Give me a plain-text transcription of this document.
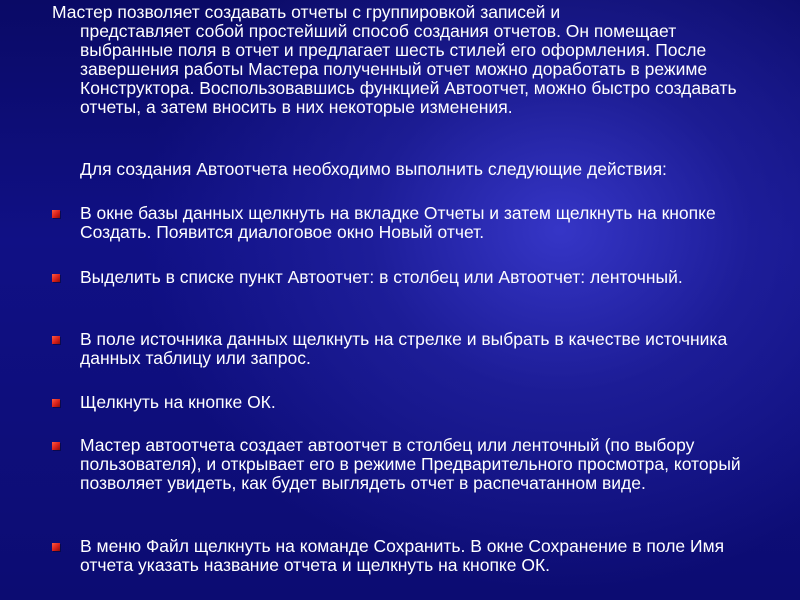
Мастер позволяет создавать отчеты с группировкой записей и
представляет собой простейший способ создания отчетов. Он помещает выбранные поля в отчет и предлагает шесть стилей его оформления. После завершения работы Мастера полученный отчет можно доработать в режиме Конструктора. Воспользовавшись функцией Автоотчет, можно быстро создавать отчеты, а затем вносить в них некоторые изменения.
Для создания Автоотчета необходимо выполнить следующие действия:
В окне базы данных щелкнуть на вкладке Отчеты и затем щелкнуть на кнопке Создать. Появится диалоговое окно Новый отчет.
Выделить в списке пункт Автоотчет: в столбец или Автоотчет: ленточный.
В поле источника данных щелкнуть на стрелке и выбрать в качестве источника данных таблицу или запрос.
Щелкнуть на кнопке ОК.
Мастер автоотчета создает автоотчет в столбец или ленточный (по выбору пользователя), и открывает его в режиме Предварительного просмотра, который позволяет увидеть, как будет выглядеть отчет в распечатанном виде.
В меню Файл щелкнуть на команде Сохранить. В окне Сохранение в поле Имя отчета указать название отчета и щелкнуть на кнопке ОК.
